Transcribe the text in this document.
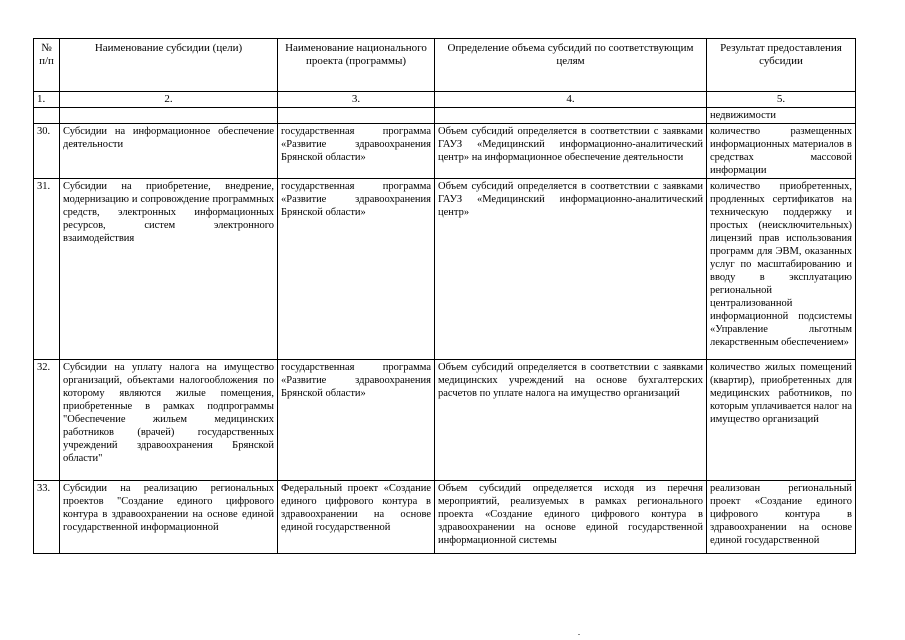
№ п/п	Наименование субсидии (цели)	Наименование национального проекта (программы)	Определение объема субсидий по соответствующим целям	Результат предоставления субсидии
1.	2.	3.	4.	5.
				недвижимости
30.	Субсидии на информационное обеспечение деятельности	государственная программа «Развитие здравоохранения Брянской области»	Объем субсидий определяется в соответствии с заявками ГАУЗ «Медицинский информационно-аналитический центр» на информационное обеспечение деятельности	количество размещенных информационных материалов в средствах массовой информации
31.	Субсидии на приобретение, внедрение, модернизацию и сопровождение программных средств, электронных информационных ресурсов, систем электронного взаимодействия	государственная программа «Развитие здравоохранения Брянской области»	Объем субсидий определяется в соответствии с заявками ГАУЗ «Медицинский информационно-аналитический центр»	количество приобретенных, продленных сертификатов на техническую поддержку и простых (неисключительных) лицензий прав использования программ для ЭВМ, оказанных услуг по масштабированию и вводу в эксплуатацию региональной централизованной информационной подсистемы «Управление льготным лекарственным обеспечением»
32.	Субсидии на уплату налога на имущество организаций, объектами налогообложения по которому являются жилые помещения, приобретенные в рамках подпрограммы "Обеспечение жильем медицинских работников (врачей) государственных учреждений здравоохранения Брянской области"	государственная программа «Развитие здравоохранения Брянской области»	Объем субсидий определяется в соответствии с заявками медицинских учреждений на основе бухгалтерских расчетов по уплате налога на имущество организаций	количество жилых помещений (квартир), приобретенных для медицинских работников, по которым уплачивается налог на имущество организаций
33.	Субсидии на реализацию региональных проектов "Создание единого цифрового контура в здравоохранении на основе единой государственной информационной	Федеральный проект «Создание единого цифрового контура в здравоохранении на основе единой государственной	Объем субсидий определяется исходя из перечня мероприятий, реализуемых в рамках регионального проекта «Создание единого цифрового контура в здравоохранении на основе единой государственной информационной системы	реализован региональный проект «Создание единого цифрового контура в здравоохранении на основе единой государственной
